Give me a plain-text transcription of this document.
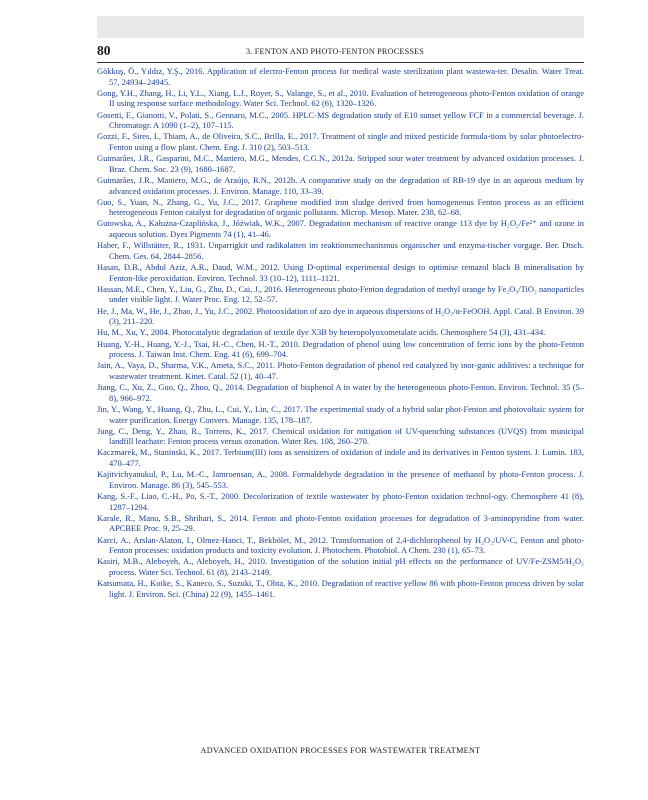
80	3. FENTON AND PHOTO-FENTON PROCESSES

Gökkuş, Ö., Yıldız, Y.Ş., 2016. Application of electro-Fenton process for medical waste sterilization plant wastewa-ter. Desalin. Water Treat. 57, 24934–24945.

Gong, Y.H., Zhang, H., Li, Y.L., Xiang, L.J., Royer, S., Valange, S., et al., 2010. Evaluation of heterogeneous photo-Fenton oxidation of orange II using response surface methodology. Water Sci. Technol. 62 (6), 1320–1326.

Gosetti, F., Gianotti, V., Polati, S., Gennaro, M.C., 2005. HPLC-MS degradation study of E10 sunset yellow FCF in a commercial beverage. J. Chromatogr. A 1090 (1–2), 107–115.

Gozzi, F., Sires, I., Thiam, A., de Oliveira, S.C., Brilla, E., 2017. Treatment of single and mixed pesticide formula-tions by solar photoelectro-Fenton using a flow plant. Chem. Eng. J. 310 (2), 503–513.

Guimarães, J.R., Gasparini, M.C., Maniero, M.G., Mendes, C.G.N., 2012a. Stripped sour water treatment by advanced oxidation processes. J. Braz. Chem. Soc. 23 (9), 1680–1687.

Guimarães, J.R., Maniero, M.G., de Araújo, R.N., 2012b. A comparative study on the degradation of RB-19 dye in an aqueous medium by advanced oxidation processes. J. Environ. Manage. 110, 33–39.

Guo, S., Yuan, N., Zhang, G., Yu, J.C., 2017. Graphene modified iron sludge derived from homogeneous Fenton process as an efficient heterogeneous Fenton catalyst for degradation of organic pollutants. Microp. Mesop. Mater. 238, 62–68.

Gutowska, A., Kałużna-Czaplińska, J., Jóźwiak, W.K., 2007. Degradation mechanism of reactive orange 113 dye by H₂O₂/Fe²⁺ and ozone in aqueous solution. Dyes Pigments 74 (1), 41–46.

Haber, F., Willstätter, R., 1931. Unparrigkit und radikalatten im reaktionsmechanismus organischer und enzyma-tischer vorgage. Ber. Dtsch. Chem. Ges. 64, 2844–2856.

Hasan, D.B., Abdul Aziz, A.R., Daud, W.M., 2012. Using D-optimal experimental design to optimise remazol black B mineralisation by Fenton-like peroxidation. Environ. Technol. 33 (10–12), 1111–1121.

Hassan, M.E., Chen, Y., Liu, G., Zhu, D., Cai, J., 2016. Heterogeneous photo-Fenton degradation of methyl orange by Fe₂O₃/TiO₂ nanoparticles under visible light. J. Water Proc. Eng. 12, 52–57.

He, J., Ma, W., He, J., Zhao, J., Yu, J.C., 2002. Photooxidation of azo dye in aqueous dispersions of H₂O₂/α-FeOOH. Appl. Catal. B Environ. 39 (3), 211–220.

Hu, M., Xu, Y., 2004. Photocatalytic degradation of textile dye X3B by heteropolyoxometalate acids. Chemosphere 54 (3), 431–434.

Huang, Y.-H., Huang, Y.-J., Tsai, H.-C., Chen, H.-T., 2010. Degradation of phenol using low concentration of ferric ions by the photo-Fenton process. J. Taiwan Inst. Chem. Eng. 41 (6), 699–704.

Jain, A., Vaya, D., Sharma, V.K., Ameta, S.C., 2011. Photo-Fenton degradation of phenol red catalyzed by inor-ganic additives: a technique for wastewater treatment. Kinet. Catal. 52 (1), 40–47.

Jiang, C., Xu, Z., Guo, Q., Zhuo, Q., 2014. Degradation of bisphenol A in water by the heterogeneous photo-Fenton. Environ. Technol. 35 (5–8), 966–972.

Jin, Y., Wang, Y., Huang, Q., Zhu, L., Cui, Y., Lin, C., 2017. The experimental study of a hybrid solar phot-Fenton and photovoltaic system for water purification. Energy Convers. Manage. 135, 178–187.

Jung, C., Deng, Y., Zhao, R., Torrens, K., 2017. Chemical oxidation for mitigation of UV-quenching substances (UVQS) from municipal landfill leachate: Fenton process versus ozonation. Water Res. 108, 260–270.

Kaczmarek, M., Staninski, K., 2017. Terbium(III) ions as sensitizers of oxidation of indole and its derivatives in Fenton system. J. Lumin. 183, 470–477.

Kajitvichyanukul, P., Lu, M.-C., Jamroensan, A., 2008. Formaldehyde degradation in the presence of methanol by photo-Fenton process. J. Environ. Manage. 86 (3), 545–553.

Kang, S.-F., Liao, C.-H., Po, S.-T., 2000. Decolorization of textile wastewater by photo-Fenton oxidation technol-ogy. Chemosphere 41 (8), 1287–1294.

Karale, R., Manu, S.B., Shrihari, S., 2014. Fenton and photo-Fenton oxidation processes for degradation of 3-aminopyridine from water. APCBEE Proc. 9, 25–29.

Karci, A., Arslan-Alaton, I., Olmez-Hanci, T., Bekbölet, M., 2012. Transformation of 2,4-dichlorophenol by H₂O₂/UV-C, Fenton and photo-Fenton processes: oxidation products and toxicity evolution. J. Photochem. Photobiol. A Chem. 230 (1), 65–73.

Kasiri, M.B., Aleboyeh, A., Aleboyeh, H., 2010. Investigation of the solution initial pH effects on the performance of UV/Fe-ZSM5/H₂O₂ process. Water Sci. Technol. 61 (8), 2143–2149.

Katsumata, H., Koike, S., Kaneco, S., Suzuki, T., Ohta, K., 2010. Degradation of reactive yellow 86 with photo-Fenton process driven by solar light. J. Environ. Sci. (China) 22 (9), 1455–1461.

ADVANCED OXIDATION PROCESSES FOR WASTEWATER TREATMENT
